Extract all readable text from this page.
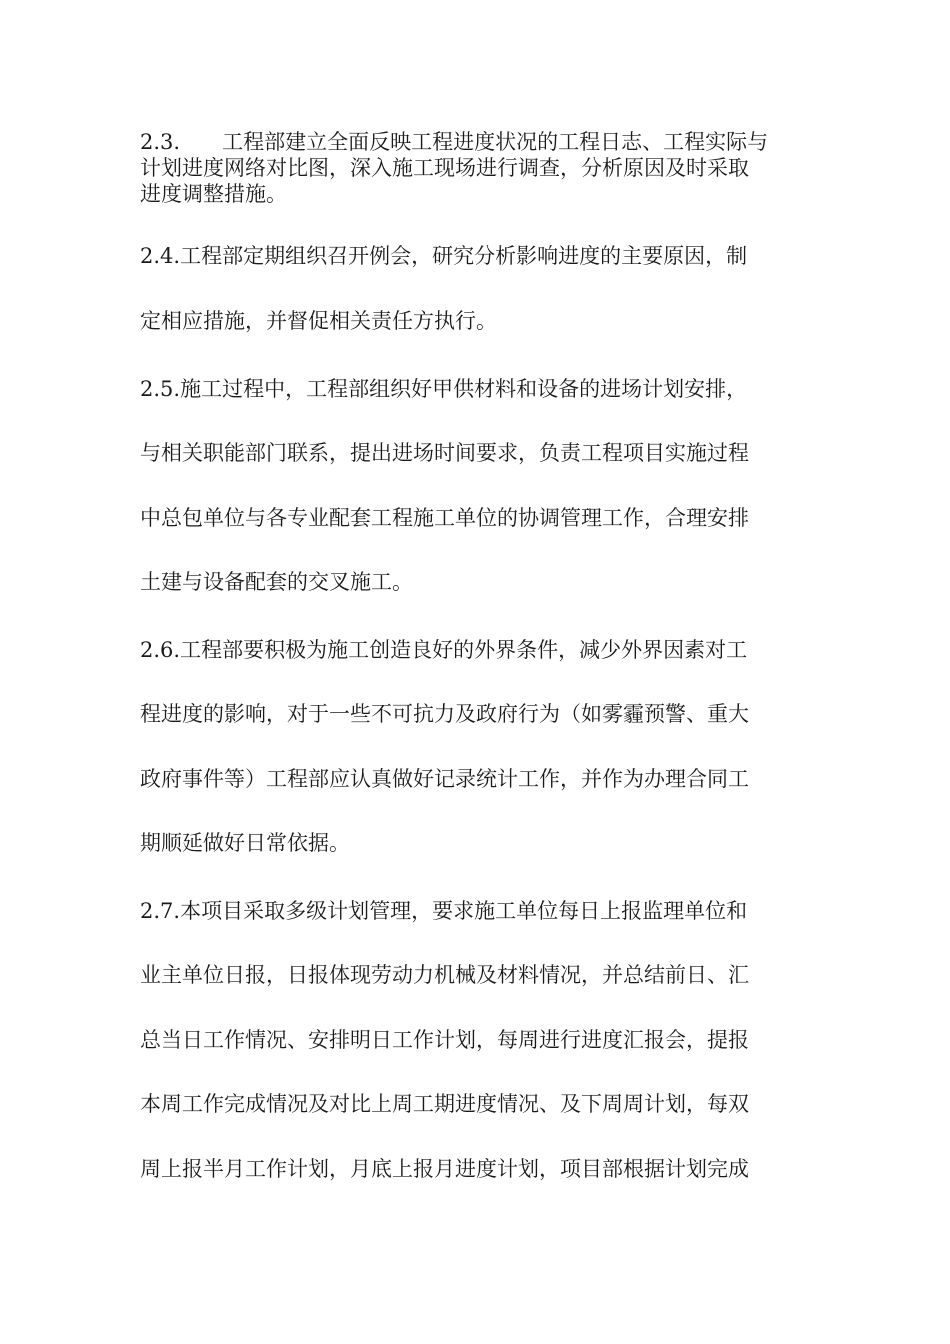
2.3. 工程部建立全面反映工程进度状况的工程日志、工程实际与
计划进度网络对比图，深入施工现场进行调查，分析原因及时采取
进度调整措施。
2.4.工程部定期组织召开例会，研究分析影响进度的主要原因，制
定相应措施，并督促相关责任方执行。
2.5.施工过程中，工程部组织好甲供材料和设备的进场计划安排，
与相关职能部门联系，提出进场时间要求，负责工程项目实施过程
中总包单位与各专业配套工程施工单位的协调管理工作，合理安排
土建与设备配套的交叉施工。
2.6.工程部要积极为施工创造良好的外界条件，减少外界因素对工
程进度的影响，对于一些不可抗力及政府行为（如雾霾预警、重大
政府事件等）工程部应认真做好记录统计工作，并作为办理合同工
期顺延做好日常依据。
2.7.本项目采取多级计划管理，要求施工单位每日上报监理单位和
业主单位日报，日报体现劳动力机械及材料情况，并总结前日、汇
总当日工作情况、安排明日工作计划，每周进行进度汇报会，提报
本周工作完成情况及对比上周工期进度情况、及下周周计划，每双
周上报半月工作计划，月底上报月进度计划，项目部根据计划完成
